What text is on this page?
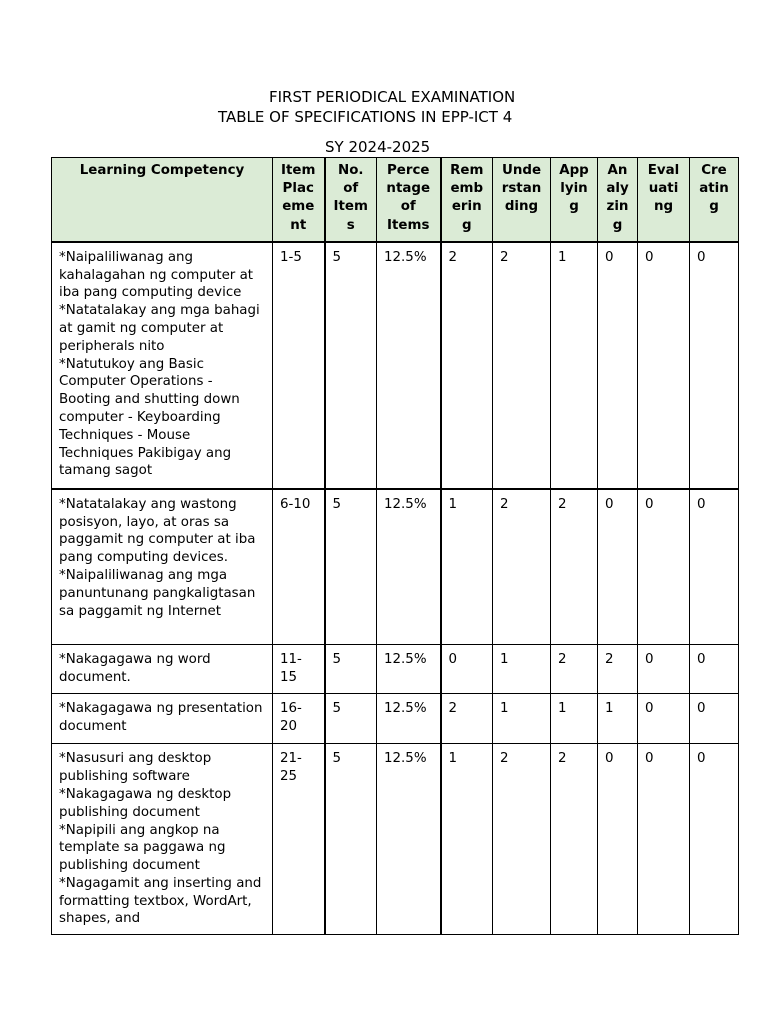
FIRST PERIODICAL EXAMINATION
TABLE OF SPECIFICATIONS IN EPP-ICT 4
SY 2024-2025
Learning Competency	Item
Plac
eme
nt	No.
of
Item
s	Perce
ntage
of
Items	Rem
emb
erin
g	Unde
rstan
ding	App
lyin
g	An
aly
zin
g	Eval
uati
ng	Cre
atin
g
*Naipaliliwanag ang kahalagahan ng computer at iba pang computing device
*Natatalakay ang mga bahagi at gamit ng computer at peripherals nito
*Natutukoy ang Basic Computer Operations - Booting and shutting down computer - Keyboarding Techniques - Mouse Techniques Pakibigay ang tamang sagot	1-5	5	12.5%	2	2	1	0	0	0
*Natatalakay ang wastong posisyon, layo, at oras sa paggamit ng computer at iba pang computing devices.
*Naipaliliwanag ang mga panuntunang pangkaligtasan sa paggamit ng Internet	6-10	5	12.5%	1	2	2	0	0	0
*Nakagagawa ng word document.	11-15	5	12.5%	0	1	2	2	0	0
*Nakagagawa ng presentation document	16-20	5	12.5%	2	1	1	1	0	0
*Nasusuri ang desktop publishing software
*Nakagagawa ng desktop publishing document
*Napipili ang angkop na template sa paggawa ng publishing document
*Nagagamit ang inserting and formatting textbox, WordArt, shapes, and	21-25	5	12.5%	1	2	2	0	0	0
